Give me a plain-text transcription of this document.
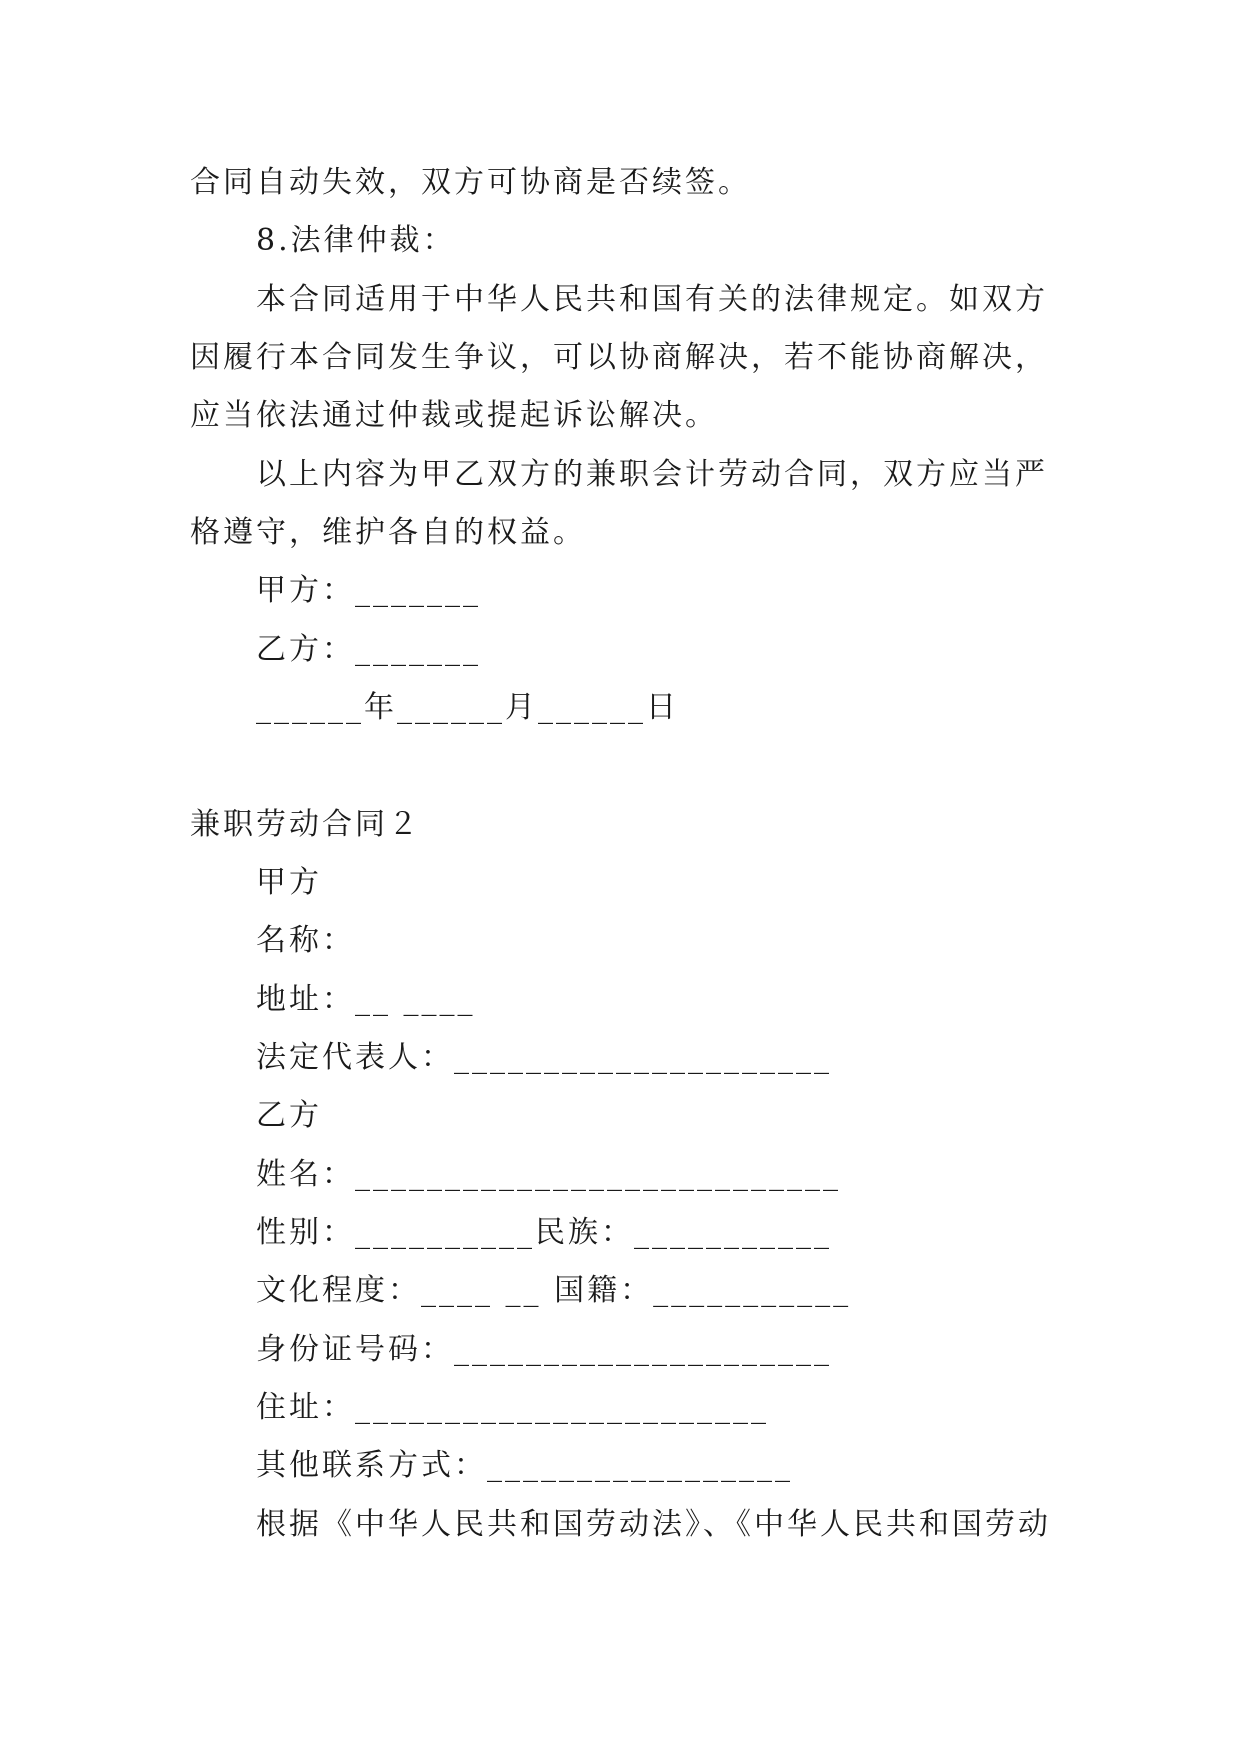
合同自动失效，双方可协商是否续签。
8.法律仲裁：
本合同适用于中华人民共和国有关的法律规定。如双方
因履行本合同发生争议，可以协商解决，若不能协商解决，
应当依法通过仲裁或提起诉讼解决。
以上内容为甲乙双方的兼职会计劳动合同，双方应当严
格遵守，维护各自的权益。
甲方：_______
乙方：_______
______年______月______日
兼职劳动合同２
甲方
名称：
地址：__ ____
法定代表人：_____________________
乙方
姓名：___________________________
性别：__________民族：___________
文化程度：____ __ 国籍：___________
身份证号码：_____________________
住址：_______________________
其他联系方式：_________________
根据《中华人民共和国劳动法》、《中华人民共和国劳动
